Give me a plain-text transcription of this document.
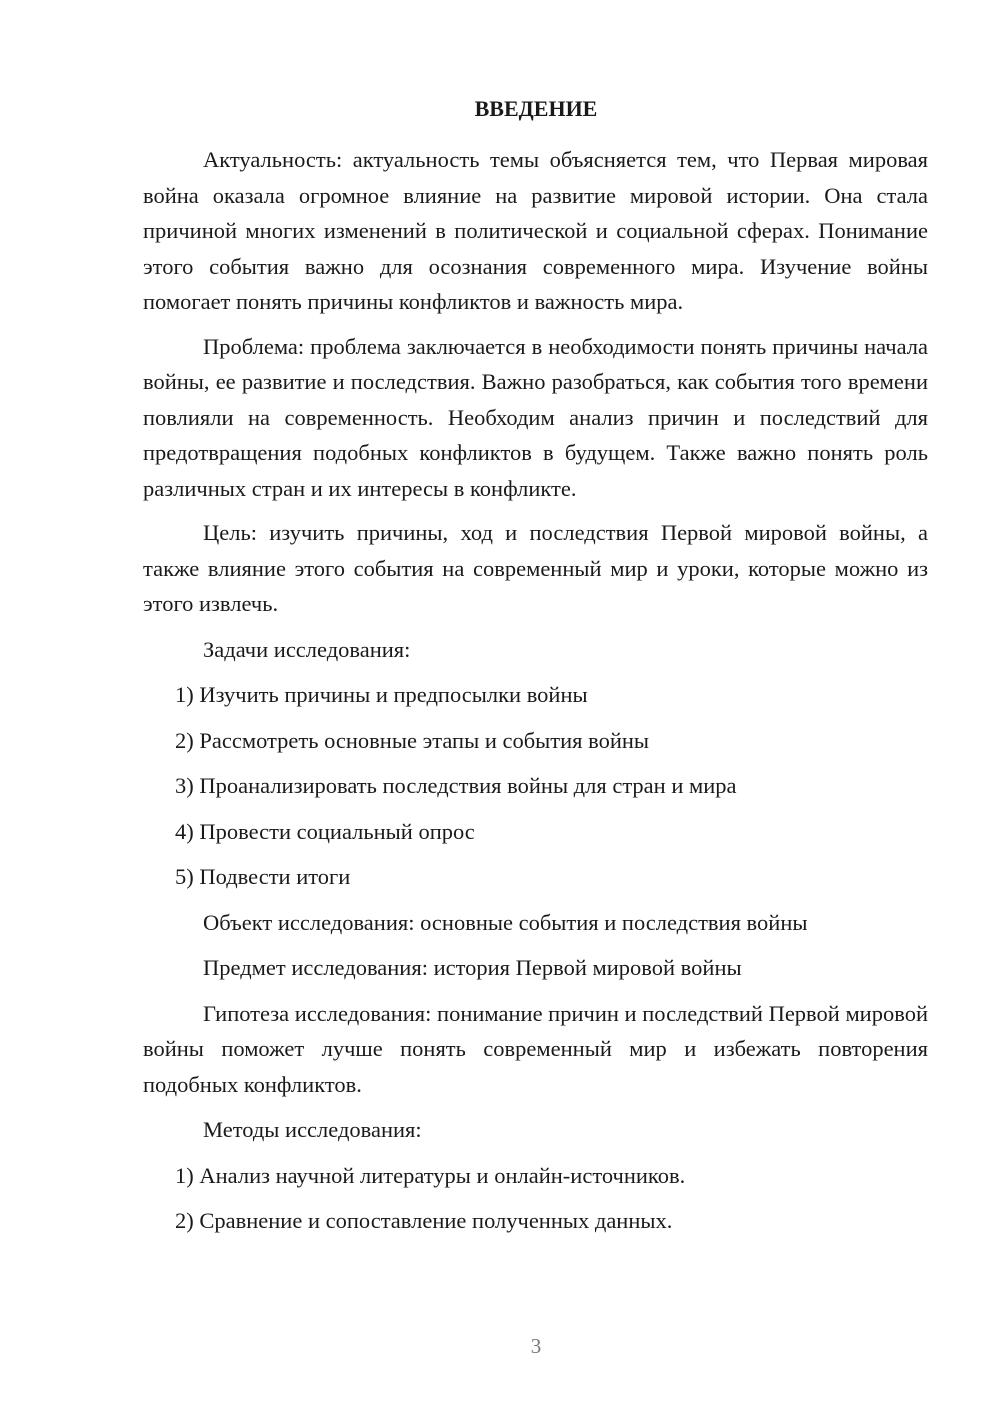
ВВЕДЕНИЕ

Актуальность: актуальность темы объясняется тем, что Первая мировая война оказала огромное влияние на развитие мировой истории. Она стала причиной многих изменений в политической и социальной сферах. Понимание этого события важно для осознания современного мира. Изучение войны помогает понять причины конфликтов и важность мира.

Проблема: проблема заключается в необходимости понять причины начала войны, ее развитие и последствия. Важно разобраться, как события того времени повлияли на современность. Необходим анализ причин и последствий для предотвращения подобных конфликтов в будущем. Также важно понять роль различных стран и их интересы в конфликте.

Цель: изучить причины, ход и последствия Первой мировой войны, а также влияние этого события на современный мир и уроки, которые можно из этого извлечь.

Задачи исследования:

1) Изучить причины и предпосылки войны

2) Рассмотреть основные этапы и события войны

3) Проанализировать последствия войны для стран и мира

4) Провести социальный опрос

5) Подвести итоги

Объект исследования: основные события и последствия войны

Предмет исследования: история Первой мировой войны

Гипотеза исследования: понимание причин и последствий Первой мировой войны поможет лучше понять современный мир и избежать повторения подобных конфликтов.

Методы исследования:

1) Анализ научной литературы и онлайн-источников.

2) Сравнение и сопоставление полученных данных.

3
